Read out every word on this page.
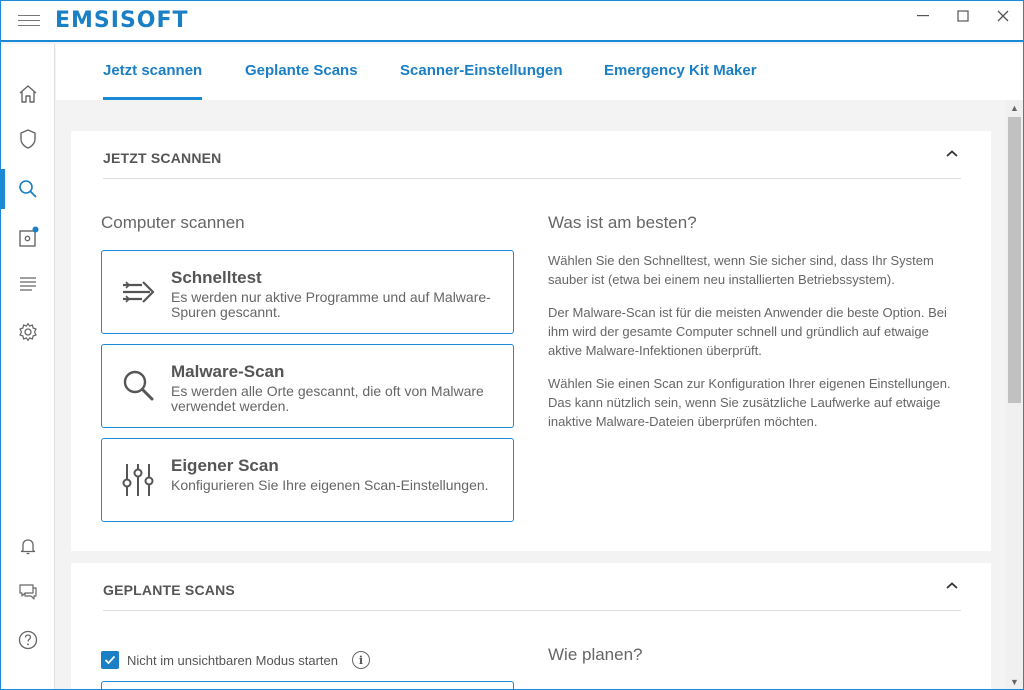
EMSISOFT
Jetzt scannen	Geplante Scans	Scanner-Einstellungen	Emergency Kit Maker
▲
▼
JETZT SCANNEN
Computer scannen
Schnelltest
Es werden nur aktive Programme und auf Malware-Spuren gescannt.
Malware-Scan
Es werden alle Orte gescannt, die oft von Malware verwendet werden.
Eigener Scan
Konfigurieren Sie Ihre eigenen Scan-Einstellungen.
Was ist am besten?
Wählen Sie den Schnelltest, wenn Sie sicher sind, dass Ihr System sauber ist (etwa bei einem neu installierten Betriebssystem).
Der Malware-Scan ist für die meisten Anwender die beste Option. Bei ihm wird der gesamte Computer schnell und gründlich auf etwaige aktive Malware-Infektionen überprüft.
Wählen Sie einen Scan zur Konfiguration Ihrer eigenen Einstellungen. Das kann nützlich sein, wenn Sie zusätzliche Laufwerke auf etwaige inaktive Malware-Dateien überprüfen möchten.
GEPLANTE SCANS
Nicht im unsichtbaren Modus starten	i	Wie planen?
